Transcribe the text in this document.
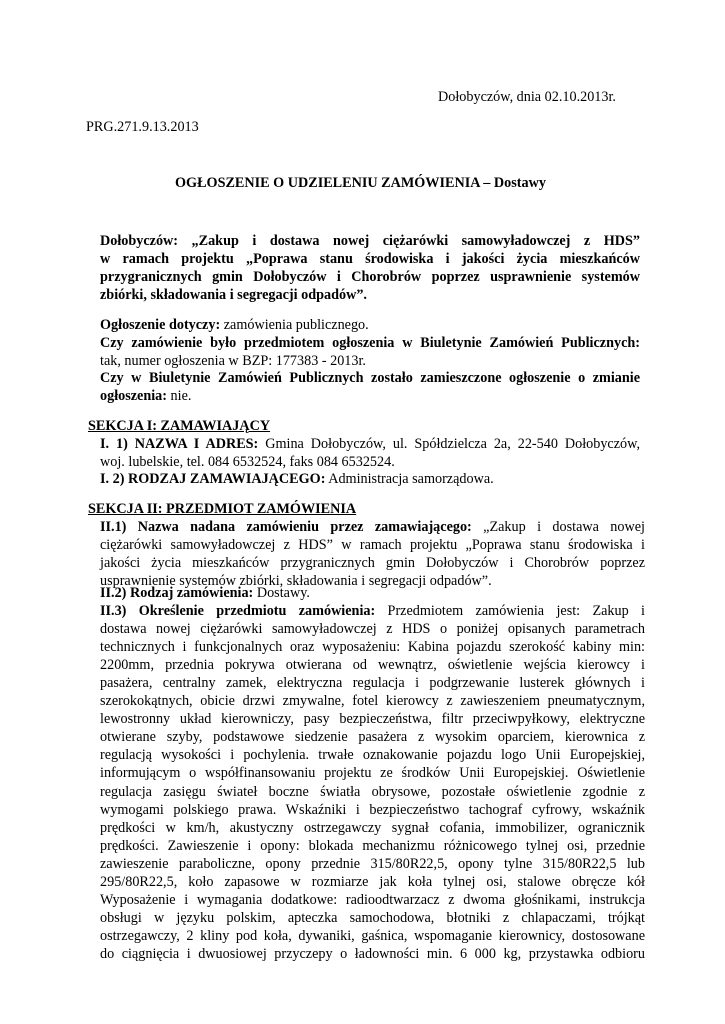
Dołobyczów, dnia 02.10.2013r.

PRG.271.9.13.2013

OGŁOSZENIE O UDZIELENIU ZAMÓWIENIA – Dostawy

Dołobyczów: „Zakup i dostawa nowej ciężarówki samowyładowczej z HDS”

w ramach projektu „Poprawa stanu środowiska i jakości życia mieszkańców

przygranicznych gmin Dołobyczów i Chorobrów poprzez usprawnienie systemów

zbiórki, składowania i segregacji odpadów”.

Ogłoszenie dotyczy: zamówienia publicznego.

Czy zamówienie było przedmiotem ogłoszenia w Biuletynie Zamówień Publicznych:

tak, numer ogłoszenia w BZP: 177383 - 2013r.

Czy w Biuletynie Zamówień Publicznych zostało zamieszczone ogłoszenie o zmianie

ogłoszenia: nie.

SEKCJA I: ZAMAWIAJĄCY

I. 1) NAZWA I ADRES: Gmina Dołobyczów, ul. Spółdzielcza 2a, 22-540 Dołobyczów,

woj. lubelskie, tel. 084 6532524, faks 084 6532524.

I. 2) RODZAJ ZAMAWIAJĄCEGO: Administracja samorządowa.

SEKCJA II: PRZEDMIOT ZAMÓWIENIA

II.1) Nazwa nadana zamówieniu przez zamawiającego: „Zakup i dostawa nowej

ciężarówki samowyładowczej z HDS” w ramach projektu „Poprawa stanu środowiska i

jakości życia mieszkańców przygranicznych gmin Dołobyczów i Chorobrów poprzez

usprawnienie systemów zbiórki, składowania i segregacji odpadów”.

II.2) Rodzaj zamówienia: Dostawy.

II.3) Określenie przedmiotu zamówienia: Przedmiotem zamówienia jest: Zakup i

dostawa nowej ciężarówki samowyładowczej z HDS o poniżej opisanych parametrach

technicznych i funkcjonalnych oraz wyposażeniu: Kabina pojazdu szerokość kabiny min:

2200mm, przednia pokrywa otwierana od wewnątrz, oświetlenie wejścia kierowcy i

pasażera, centralny zamek, elektryczna regulacja i podgrzewanie lusterek głównych i

szerokokątnych, obicie drzwi zmywalne, fotel kierowcy z zawieszeniem pneumatycznym,

lewostronny układ kierowniczy, pasy bezpieczeństwa, filtr przeciwpyłkowy, elektryczne

otwierane szyby, podstawowe siedzenie pasażera z wysokim oparciem, kierownica z

regulacją wysokości i pochylenia. trwałe oznakowanie pojazdu logo Unii Europejskiej,

informującym o współfinansowaniu projektu ze środków Unii Europejskiej. Oświetlenie

regulacja zasięgu świateł boczne światła obrysowe, pozostałe oświetlenie zgodnie z

wymogami polskiego prawa. Wskaźniki i bezpieczeństwo tachograf cyfrowy, wskaźnik

prędkości w km/h, akustyczny ostrzegawczy sygnał cofania, immobilizer, ogranicznik

prędkości. Zawieszenie i opony: blokada mechanizmu różnicowego tylnej osi, przednie

zawieszenie paraboliczne, opony przednie 315/80R22,5, opony tylne 315/80R22,5 lub

295/80R22,5, koło zapasowe w rozmiarze jak koła tylnej osi, stalowe obręcze kół

Wyposażenie i wymagania dodatkowe: radioodtwarzacz z dwoma głośnikami, instrukcja

obsługi w języku polskim, apteczka samochodowa, błotniki z chlapaczami, trójkąt

ostrzegawczy, 2 kliny pod koła, dywaniki, gaśnica, wspomaganie kierownicy, dostosowane

do ciągnięcia i dwuosiowej przyczepy o ładowności min. 6 000 kg, przystawka odbioru
